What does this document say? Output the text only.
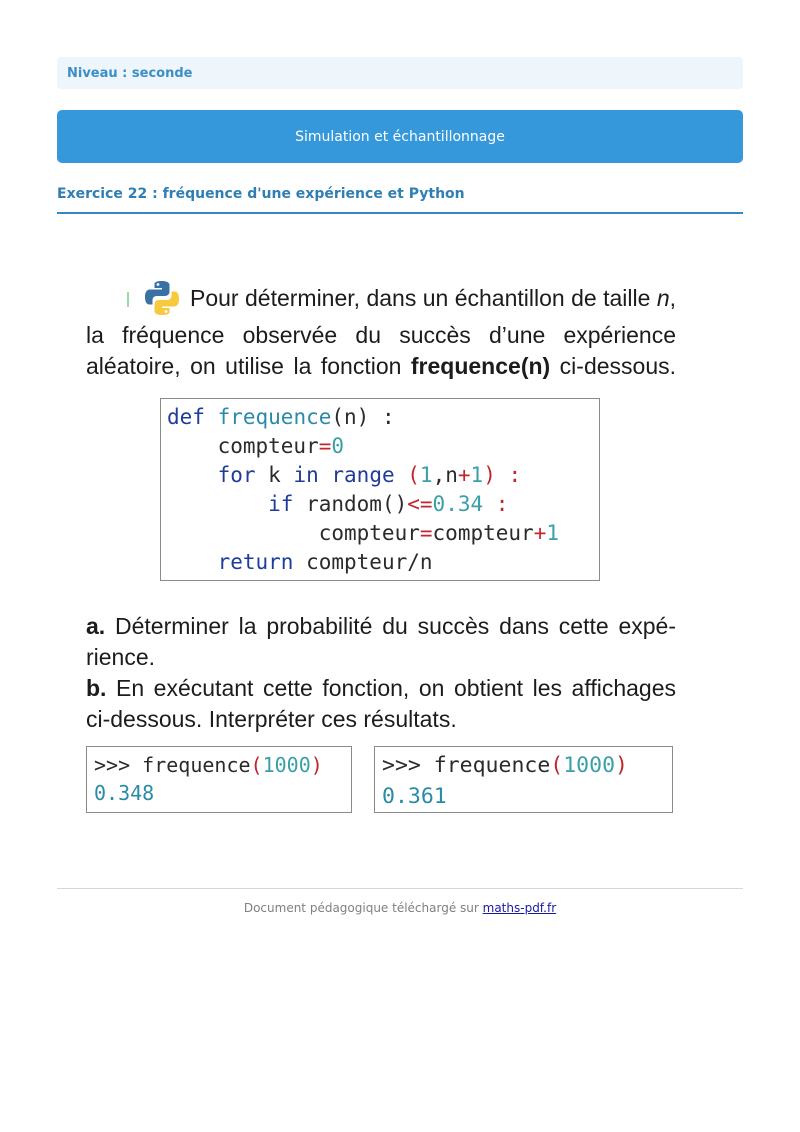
Niveau : seconde
Simulation et échantillonnage
Exercice 22 : fréquence d'une expérience et Python

Pour déterminer, dans un échantillon de taille n, la fréquence observée du succès d’une expérience aléatoire, on utilise la fonction frequence(n) ci-dessous.

def frequence(n) :
compteur=0
for k in range (1,n+1) :
if random()<=0.34 :
compteur=compteur+1
return compteur/n
a. Déterminer la probabilité du succès dans cette expé-
rience.
b. En exécutant cette fonction, on obtient les affichages
ci-dessous. Interpréter ces résultats.
>>> frequence(1000)
0.348
>>> frequence(1000)
0.361
Document pédagogique téléchargé sur maths-pdf.fr
